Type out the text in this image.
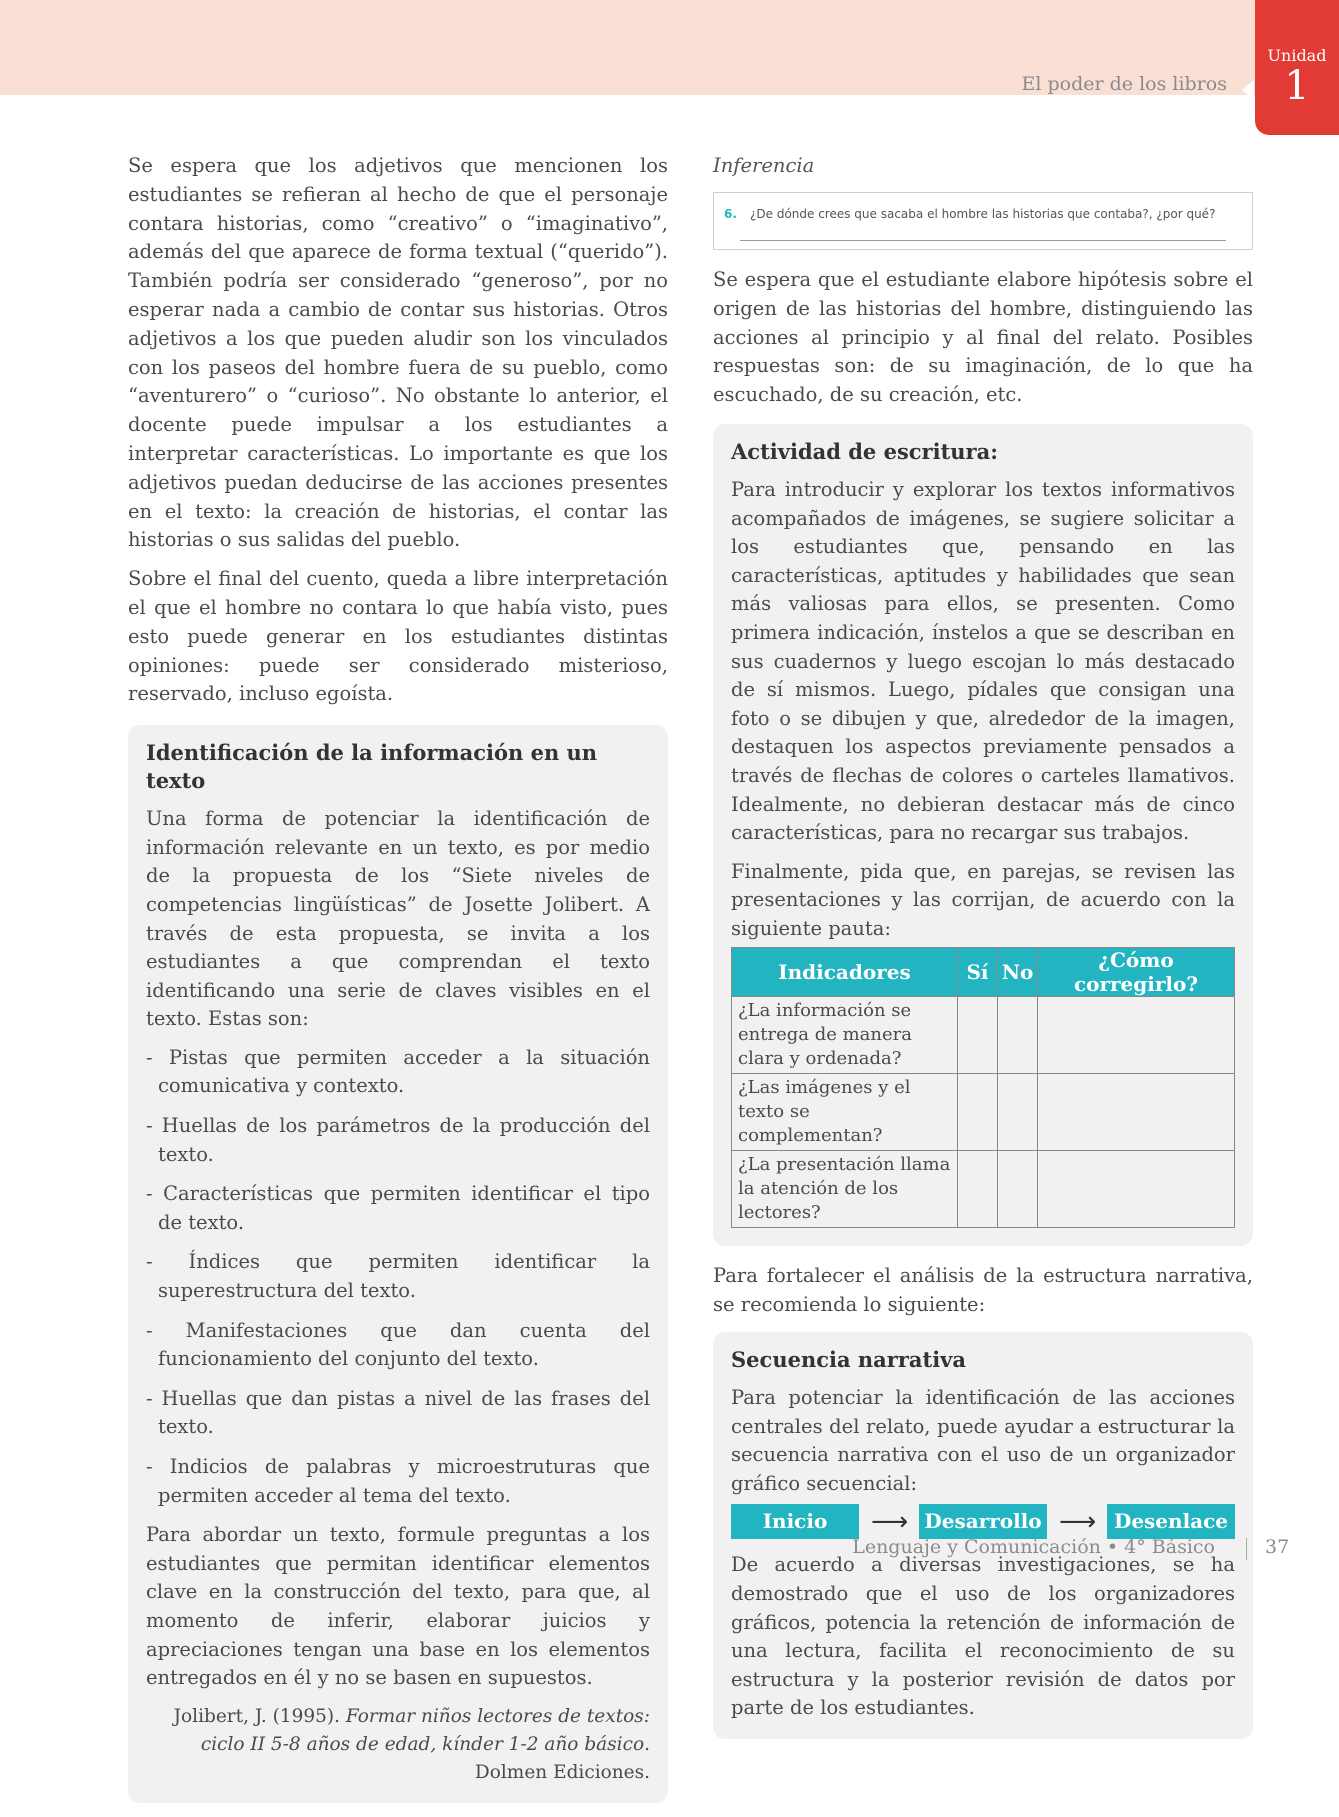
El poder de los libros
Unidad
1

Se espera que los adjetivos que mencionen los estudiantes se refieran al hecho de que el personaje contara historias, como “creativo” o “imaginativo”, además del que aparece de forma textual (“querido”). También podría ser considerado “generoso”, por no esperar nada a cambio de contar sus historias. Otros adjetivos a los que pueden aludir son los vinculados con los paseos del hombre fuera de su pueblo, como “aventurero” o “curioso”. No obstante lo anterior, el docente puede impulsar a los estudiantes a interpretar características. Lo importante es que los adjetivos puedan deducirse de las acciones presentes en el texto: la creación de historias, el contar las historias o sus salidas del pueblo.

Sobre el final del cuento, queda a libre interpretación el que el hombre no contara lo que había visto, pues esto puede generar en los estudiantes distintas opiniones: puede ser considerado misterioso, reservado, incluso egoísta.

Identificación de la información en un texto

Una forma de potenciar la identificación de información relevante en un texto, es por medio de la propuesta de los “Siete niveles de competencias lingüísticas” de Josette Jolibert. A través de esta propuesta, se invita a los estudiantes a que comprendan el texto identificando una serie de claves visibles en el texto. Estas son:

- Pistas que permiten acceder a la situación comunicativa y contexto.
- Huellas de los parámetros de la producción del texto.
- Características que permiten identificar el tipo de texto.
- Índices que permiten identificar la superestructura del texto.
- Manifestaciones que dan cuenta del funcionamiento del conjunto del texto.
- Huellas que dan pistas a nivel de las frases del texto.
- Indicios de palabras y microestruturas que permiten acceder al tema del texto.

Para abordar un texto, formule preguntas a los estudiantes que permitan identificar elementos clave en la construcción del texto, para que, al momento de inferir, elaborar juicios y apreciaciones tengan una base en los elementos entregados en él y no se basen en supuestos.

Jolibert, J. (1995). Formar niños lectores de textos: ciclo II 5-8 años de edad, kínder 1-2 año básico. Dolmen Ediciones.
Inferencia
6. ¿De dónde crees que sacaba el hombre las historias que contaba?, ¿por qué?

Se espera que el estudiante elabore hipótesis sobre el origen de las historias del hombre, distinguiendo las acciones al principio y al final del relato. Posibles respuestas son: de su imaginación, de lo que ha escuchado, de su creación, etc.

Actividad de escritura:

Para introducir y explorar los textos informativos acompañados de imágenes, se sugiere solicitar a los estudiantes que, pensando en las características, aptitudes y habilidades que sean más valiosas para ellos, se presenten. Como primera indicación, ínstelos a que se describan en sus cuadernos y luego escojan lo más destacado de sí mismos. Luego, pídales que consigan una foto o se dibujen y que, alrededor de la imagen, destaquen los aspectos previamente pensados a través de flechas de colores o carteles llamativos. Idealmente, no debieran destacar más de cinco características, para no recargar sus trabajos.

Finalmente, pida que, en parejas, se revisen las presentaciones y las corrijan, de acuerdo con la siguiente pauta:

Indicadores	Sí	No	¿Cómo corregirlo?
¿La información se entrega de manera clara y ordenada?			
¿Las imágenes y el texto se complementan?			
¿La presentación llama la atención de los lectores?			

Para fortalecer el análisis de la estructura narrativa, se recomienda lo siguiente:

Secuencia narrativa

Para potenciar la identificación de las acciones centrales del relato, puede ayudar a estructurar la secuencia narrativa con el uso de un organizador gráfico secuencial:

Inicio	⟶ Desarrollo ⟶ Desenlace

De acuerdo a diversas investigaciones, se ha demostrado que el uso de los organizadores gráficos, potencia la retención de información de una lectura, facilita el reconocimiento de su estructura y la posterior revisión de datos por parte de los estudiantes.

Lenguaje y Comunicación • 4° Básico	37
